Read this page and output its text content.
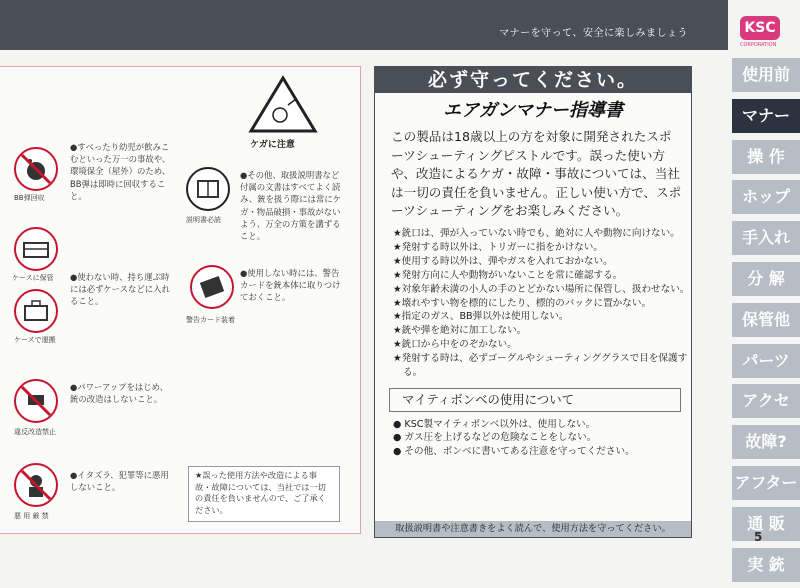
マナーを守って、安全に楽しみましょう	KSC
CORPORATION
使用前
マナー
操 作
ホップ
手入れ
分 解
保管他
パーツ
アクセ
故障?
アフター
通 販
実 銃
5
ケガに注意
BB弾回収
●すべったり幼児が飲みこむといった万一の事故や、環境保全（屋外）のため、BB弾は即時に回収すること。
ケースに保管
ケースで運搬
●使わない時、持ち運ぶ時には必ずケースなどに入れること。
違反改造禁止
●パワーアップをはじめ、銃の改造はしないこと。
悪 用 厳 禁
●イタズラ、犯罪等に悪用しないこと。
説明書必読
●その他、取扱説明書など付属の文書はすべてよく読み、銃を扱う際には常にケガ・物品破損・事故がないよう、万全の方策を講ずること。
警告カード装着
●使用しない時には、警告カードを銃本体に取りつけておくこと。
★誤った使用方法や改造による事故・故障については、当社では一切の責任を負いませんので、ご了承ください。
必ず守ってください。
エアガンマナー指導書
この製品は18歳以上の方を対象に開発されたスポーツシューティングピストルです。誤った使い方や、改造によるケガ・故障・事故については、当社は一切の責任を負いません。正しい使い方で、スポーツシューティングをお楽しみください。
★銃口は、弾が入っていない時でも、絶対に人や動物に向けない。
★発射する時以外は、トリガーに指をかけない。
★使用する時以外は、弾やガスを入れておかない。
★発射方向に人や動物がいないことを常に確認する。
★対象年齢未満の小人の手のとどかない場所に保管し、扱わせない。
★壊れやすい物を標的にしたり、標的のバックに置かない。
★指定のガス、BB弾以外は使用しない。
★銃や弾を絶対に加工しない。
★銃口から中をのぞかない。
★発射する時は、必ずゴーグルやシューティンググラスで目を保護する。
マイティボンベの使用について
● KSC製マイティボンベ以外は、使用しない。
● ガス圧を上げるなどの危険なことをしない。
● その他、ボンベに書いてある注意を守ってください。
取扱説明書や注意書きをよく読んで、使用方法を守ってください。
